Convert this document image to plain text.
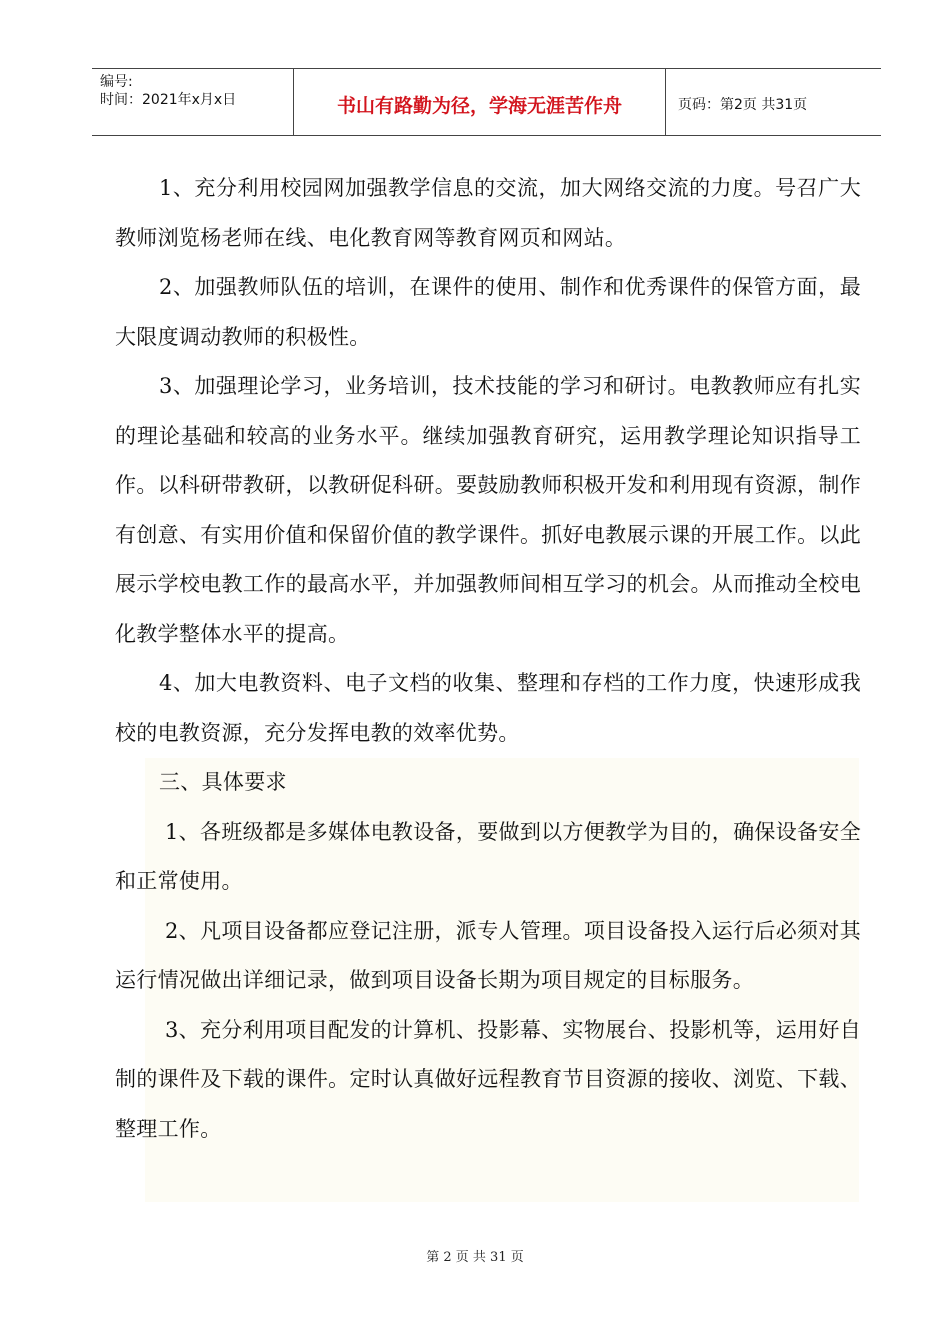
编号:
时间：2021年x月x日	书山有路勤为径，学海无涯苦作舟	页码：第2页 共31页

1、充分利用校园网加强教学信息的交流，加大网络交流的力度。号召广大教师浏览杨老师在线、电化教育网等教育网页和网站。

2、加强教师队伍的培训，在课件的使用、制作和优秀课件的保管方面，最大限度调动教师的积极性。

3、加强理论学习，业务培训，技术技能的学习和研讨。电教教师应有扎实的理论基础和较高的业务水平。继续加强教育研究，运用教学理论知识指导工作。以科研带教研，以教研促科研。要鼓励教师积极开发和利用现有资源，制作有创意、有实用价值和保留价值的教学课件。抓好电教展示课的开展工作。以此展示学校电教工作的最高水平，并加强教师间相互学习的机会。从而推动全校电化教学整体水平的提高。

4、加大电教资料、电子文档的收集、整理和存档的工作力度，快速形成我校的电教资源，充分发挥电教的效率优势。

三、具体要求

1、各班级都是多媒体电教设备，要做到以方便教学为目的，确保设备安全和正常使用。

2、凡项目设备都应登记注册，派专人管理。项目设备投入运行后必须对其运行情况做出详细记录，做到项目设备长期为项目规定的目标服务。

3、充分利用项目配发的计算机、投影幕、实物展台、投影机等，运用好自制的课件及下载的课件。定时认真做好远程教育节目资源的接收、浏览、下载、整理工作。

第 2 页 共 31 页
